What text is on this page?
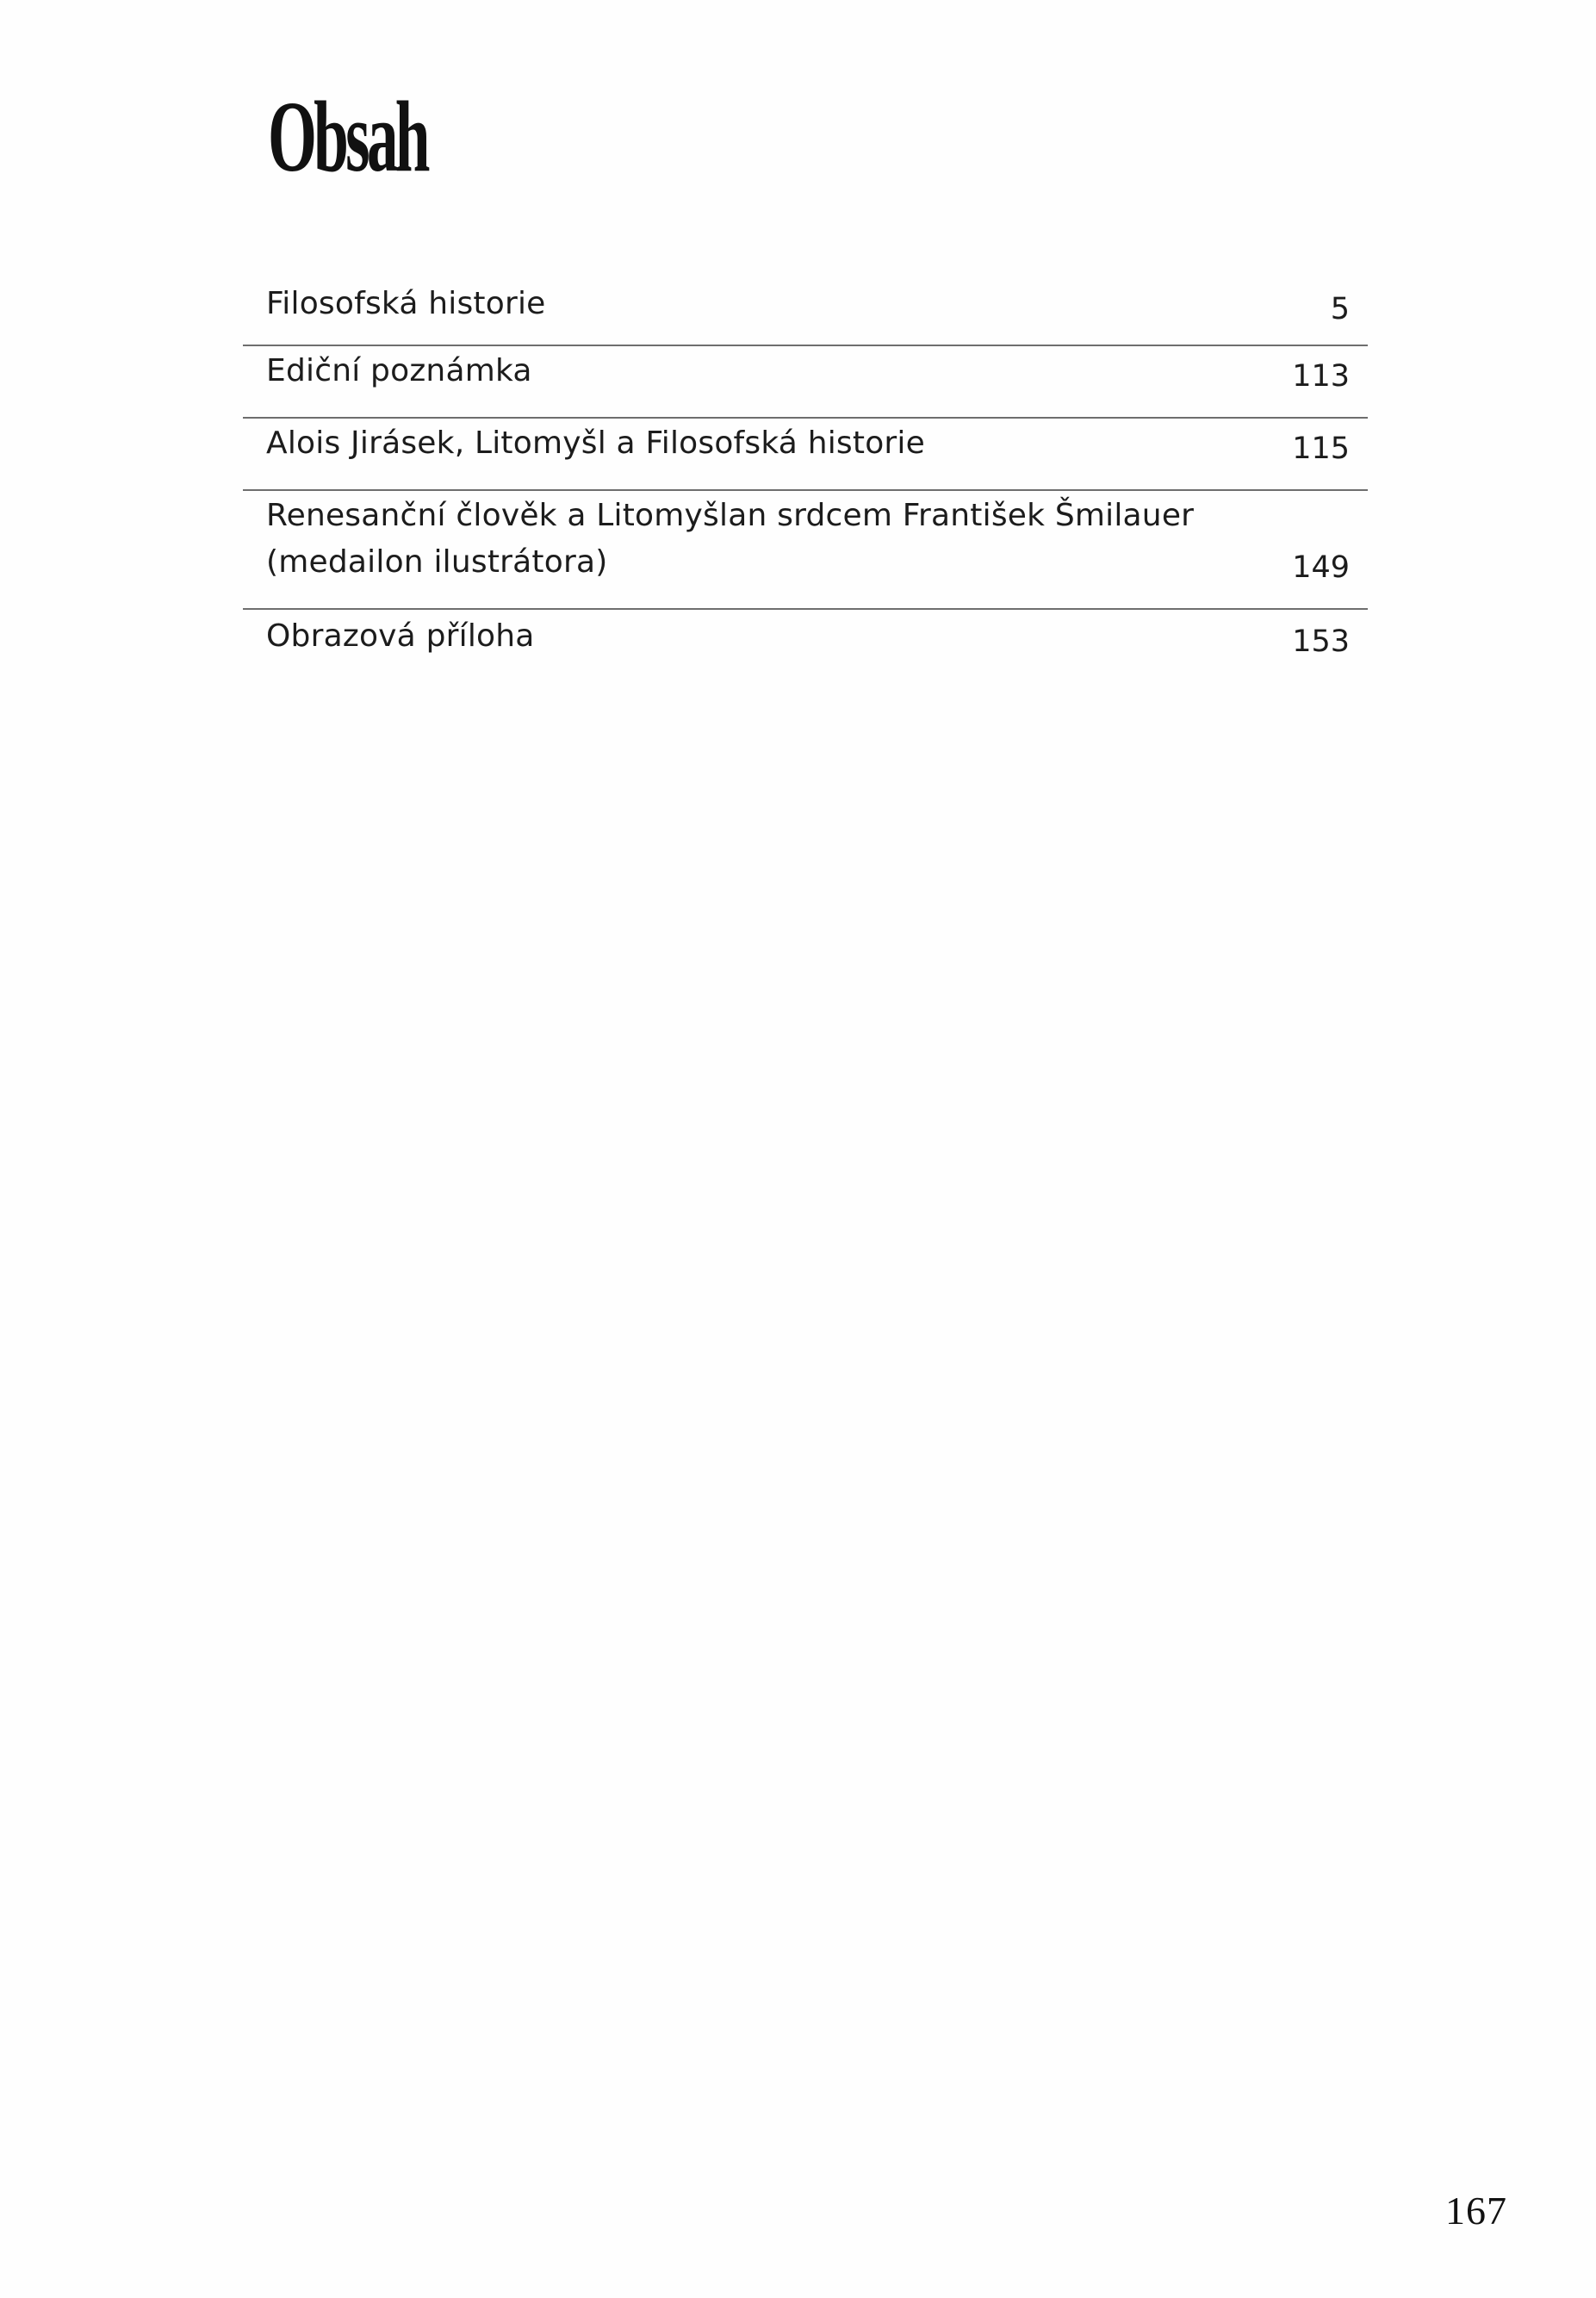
Obsah
Filosofská historie	5
Ediční poznámka	113
Alois Jirásek, Litomyšl a Filosofská historie	115
Renesanční člověk a Litomyšlan srdcem František Šmilauer (medailon ilustrátora)	149
Obrazová příloha	153
167
